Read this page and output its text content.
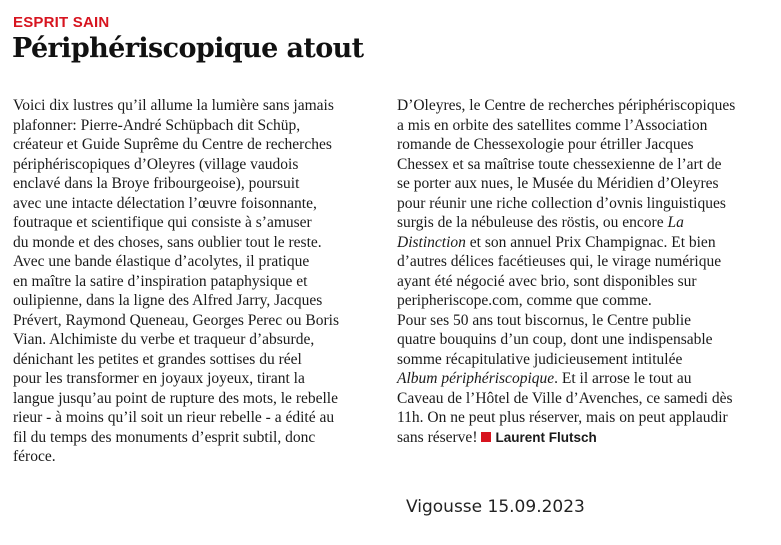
ESPRIT SAIN
Périphériscopique atout
Voici dix lustres qu’il allume la lumière sans jamais
plafonner: Pierre-André Schüpbach dit Schüp,
créateur et Guide Suprême du Centre de recherches
périphériscopiques d’Oleyres (village vaudois
enclavé dans la Broye fribourgeoise), poursuit
avec une intacte délectation l’œuvre foisonnante,
foutraque et scientifique qui consiste à s’amuser
du monde et des choses, sans oublier tout le reste.
Avec une bande élastique d’acolytes, il pratique
en maître la satire d’inspiration pataphysique et
oulipienne, dans la ligne des Alfred Jarry, Jacques
Prévert, Raymond Queneau, Georges Perec ou Boris
Vian. Alchimiste du verbe et traqueur d’absurde,
dénichant les petites et grandes sottises du réel
pour les transformer en joyaux joyeux, tirant la
langue jusqu’au point de rupture des mots, le rebelle
rieur - à moins qu’il soit un rieur rebelle - a édité au
fil du temps des monuments d’esprit subtil, donc
féroce.
D’Oleyres, le Centre de recherches périphériscopiques
a mis en orbite des satellites comme l’Association
romande de Chessexologie pour étriller Jacques
Chessex et sa maîtrise toute chessexienne de l’art de
se porter aux nues, le Musée du Méridien d’Oleyres
pour réunir une riche collection d’ovnis linguistiques
surgis de la nébuleuse des röstis, ou encore La
Distinction et son annuel Prix Champignac. Et bien
d’autres délices facétieuses qui, le virage numérique
ayant été négocié avec brio, sont disponibles sur
peripheriscope.com, comme que comme.
Pour ses 50 ans tout biscornus, le Centre publie
quatre bouquins d’un coup, dont une indispensable
somme récapitulative judicieusement intitulée
Album périphériscopique. Et il arrose le tout au
Caveau de l’Hôtel de Ville d’Avenches, ce samedi dès
11h. On ne peut plus réserver, mais on peut applaudir
sans réserve! Laurent Flutsch
Vigousse 15.09.2023
